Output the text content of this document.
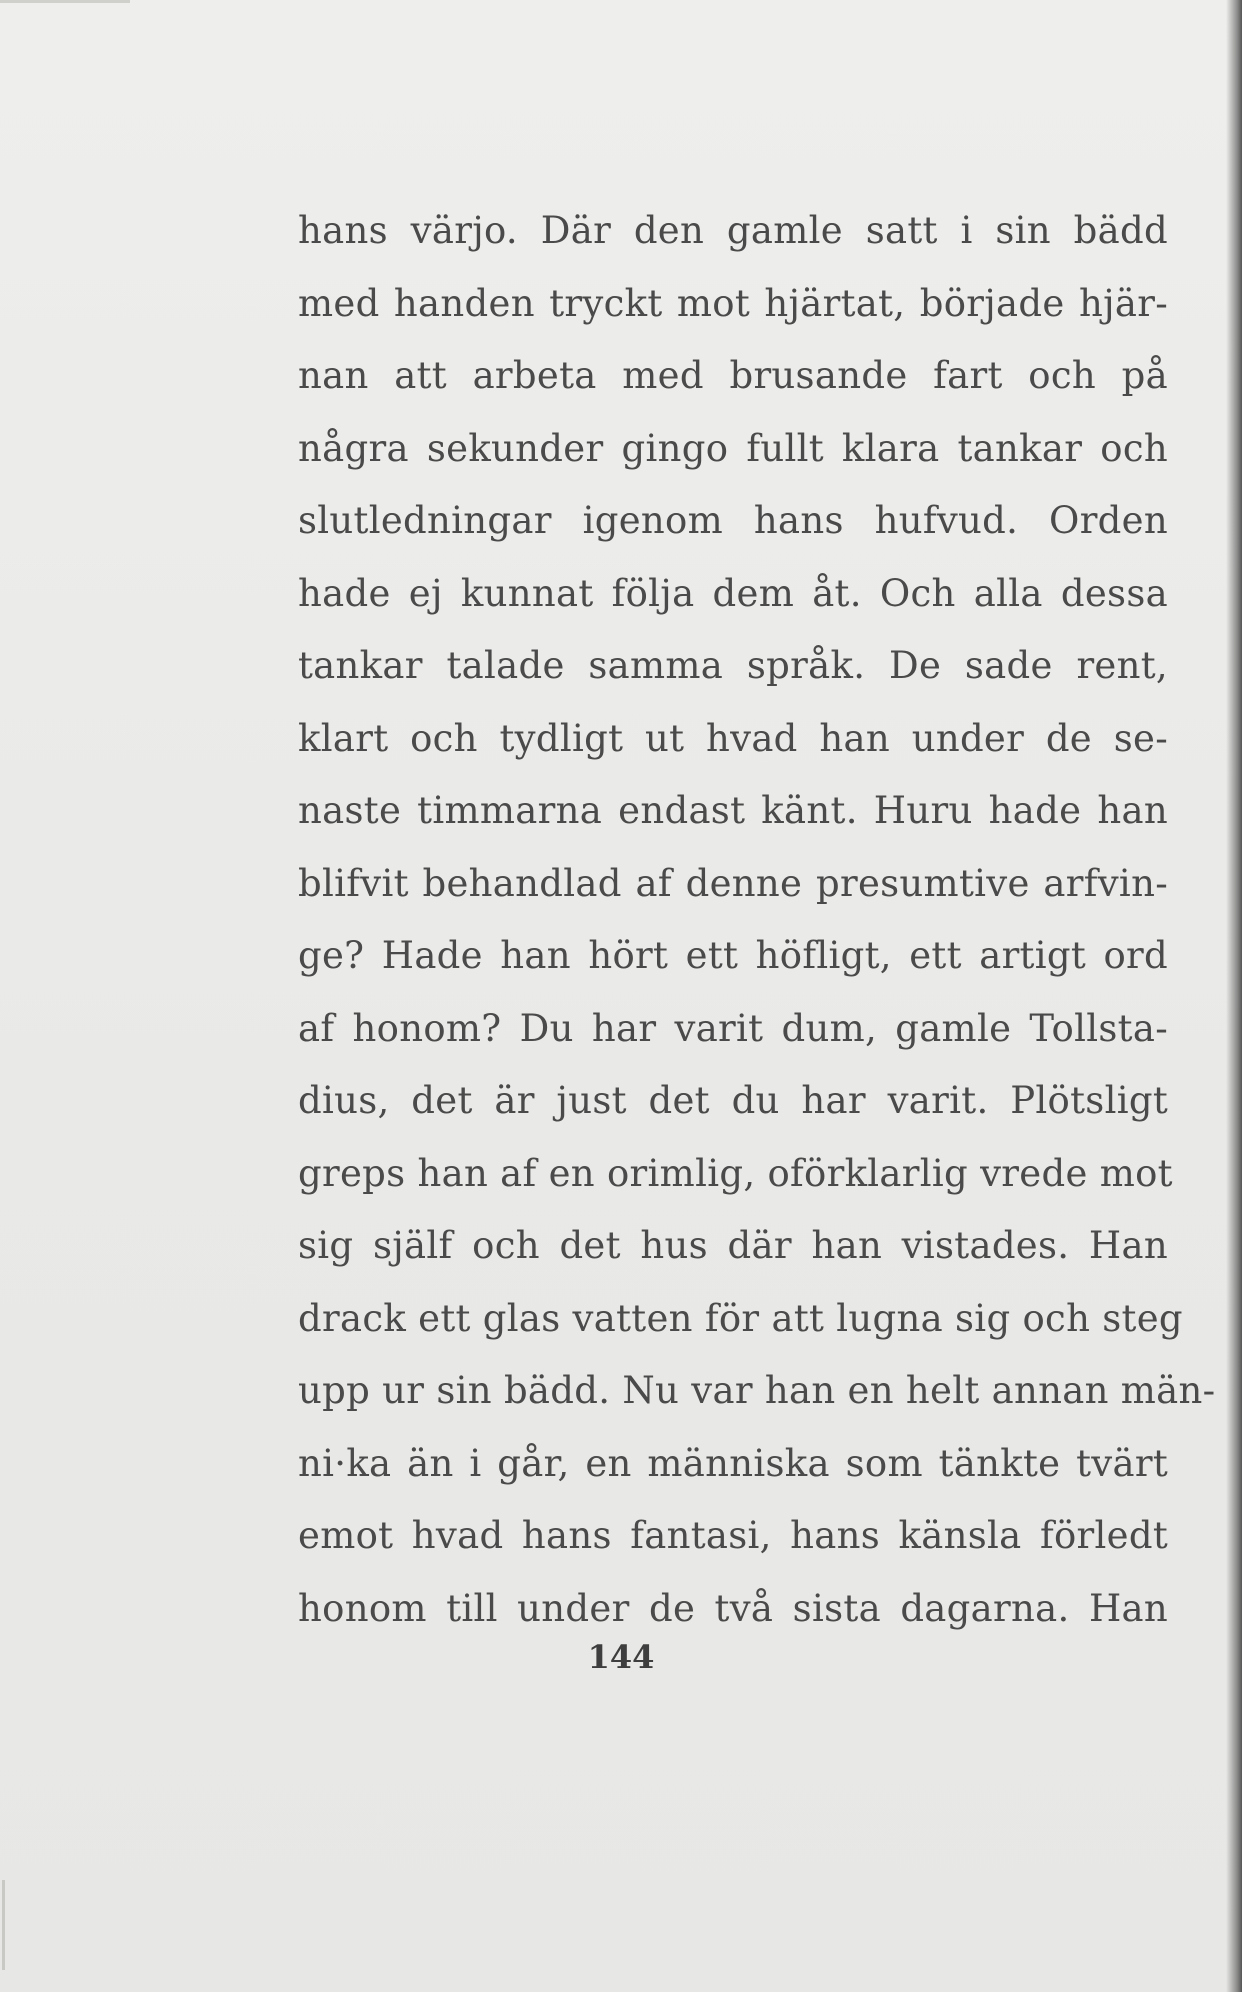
hans värjo. Där den gamle satt i sin bädd
med handen tryckt mot hjärtat, började hjär-
nan att arbeta med brusande fart och på
några sekunder gingo fullt klara tankar och
slutledningar igenom hans hufvud. Orden
hade ej kunnat följa dem åt. Och alla dessa
tankar talade samma språk. De sade rent,
klart och tydligt ut hvad han under de se-
naste timmarna endast känt. Huru hade han
blifvit behandlad af denne presumtive arfvin-
ge? Hade han hört ett höfligt, ett artigt ord
af honom? Du har varit dum, gamle Tollsta-
dius, det är just det du har varit. Plötsligt
greps han af en orimlig, oförklarlig vrede mot
sig själf och det hus där han vistades. Han
drack ett glas vatten för att lugna sig och steg
upp ur sin bädd. Nu var han en helt annan män-
ni·ka än i går, en människa som tänkte tvärt
emot hvad hans fantasi, hans känsla förledt
honom till under de två sista dagarna. Han
144
